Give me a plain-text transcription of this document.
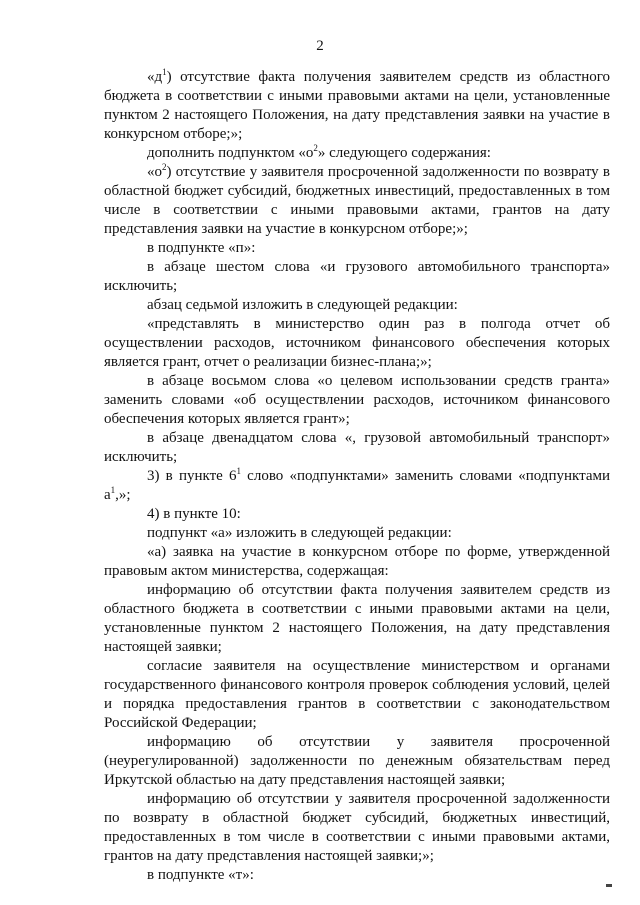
2

«$д^1$) отсутствие факта получения заявителем средств из областного бюджета в соответствии с иными правовыми актами на цели, установленные пунктом 2 настоящего Положения, на дату представления заявки на участие в конкурсном отборе;»;

дополнить подпунктом «$о^2$» следующего содержания:

«$о^2$) отсутствие у заявителя просроченной задолженности по возврату в областной бюджет субсидий, бюджетных инвестиций, предоставленных в том числе в соответствии с иными правовыми актами, грантов на дату представления заявки на участие в конкурсном отборе;»;

в подпункте «п»:

в абзаце шестом слова «и грузового автомобильного транспорта» исключить;

абзац седьмой изложить в следующей редакции:

«представлять в министерство один раз в полгода отчет об осуществлении расходов, источником финансового обеспечения которых является грант, отчет о реализации бизнес-плана;»;

в абзаце восьмом слова «о целевом использовании средств гранта» заменить словами «об осуществлении расходов, источником финансового обеспечения которых является грант»;

в абзаце двенадцатом слова «, грузовой автомобильный транспорт» исключить;

3) в пункте $6^1$ слово «подпунктами» заменить словами «подпунктами $а^1$,»;

4) в пункте 10:

подпункт «а» изложить в следующей редакции:

«а) заявка на участие в конкурсном отборе по форме, утвержденной правовым актом министерства, содержащая:

информацию об отсутствии факта получения заявителем средств из областного бюджета в соответствии с иными правовыми актами на цели, установленные пунктом 2 настоящего Положения, на дату представления настоящей заявки;

согласие заявителя на осуществление министерством и органами государственного финансового контроля проверок соблюдения условий, целей и порядка предоставления грантов в соответствии с законодательством Российской Федерации;

информацию об отсутствии у заявителя просроченной (неурегулированной) задолженности по денежным обязательствам перед Иркутской областью на дату представления настоящей заявки;

информацию об отсутствии у заявителя просроченной задолженности по возврату в областной бюджет субсидий, бюджетных инвестиций, предоставленных в том числе в соответствии с иными правовыми актами, грантов на дату представления настоящей заявки;»;

в подпункте «т»:
